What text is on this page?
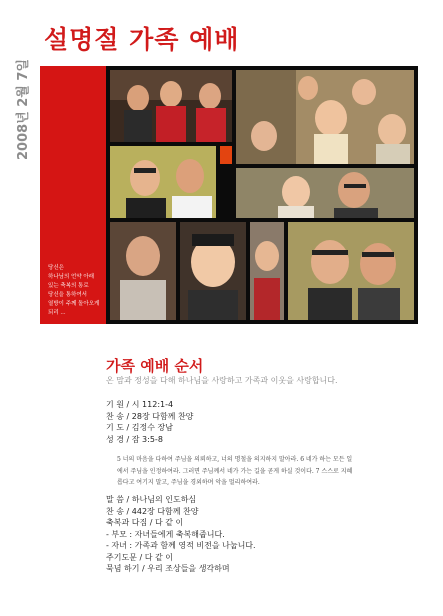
설명절 가족 예배
2008년 2월 7일
당신은
하나님의 언약 아래
있는 축복의 통로
당신을 통하여서
열방이 주께 돌아오게
되리 ...
가족 예배 순서
온 맘과 정성을 다해 하나님을 사랑하고 가족과 이웃을 사랑합니다.
기 원 / 시 112:1-4
찬 송 / 28장 다함께 찬양
기 도 / 김정수 장남
성 경 / 잠 3:5-8
5 너의 마음을 다하여 주님을 의뢰하고, 너의 명철을 의지하지 말아라. 6 네가 하는 모든 일에서 주님을 인정하여라. 그러면 주님께서 네가 가는 길을 곧게 하실 것이다. 7 스스로 지혜롭다고 여기지 말고, 주님을 경외하며 악을 멀리하여라.
말 씀 / 하나님의 인도하심
찬 송 / 442장 다함께 찬양
축복과 다짐 / 다 같 이
- 부모 : 자녀들에게 축복해줍니다.
- 자녀 : 가족과 함께 영적 비전을 나눕니다.
주기도문 / 다 같 이
묵념 하기 / 우리 조상들을 생각하며
